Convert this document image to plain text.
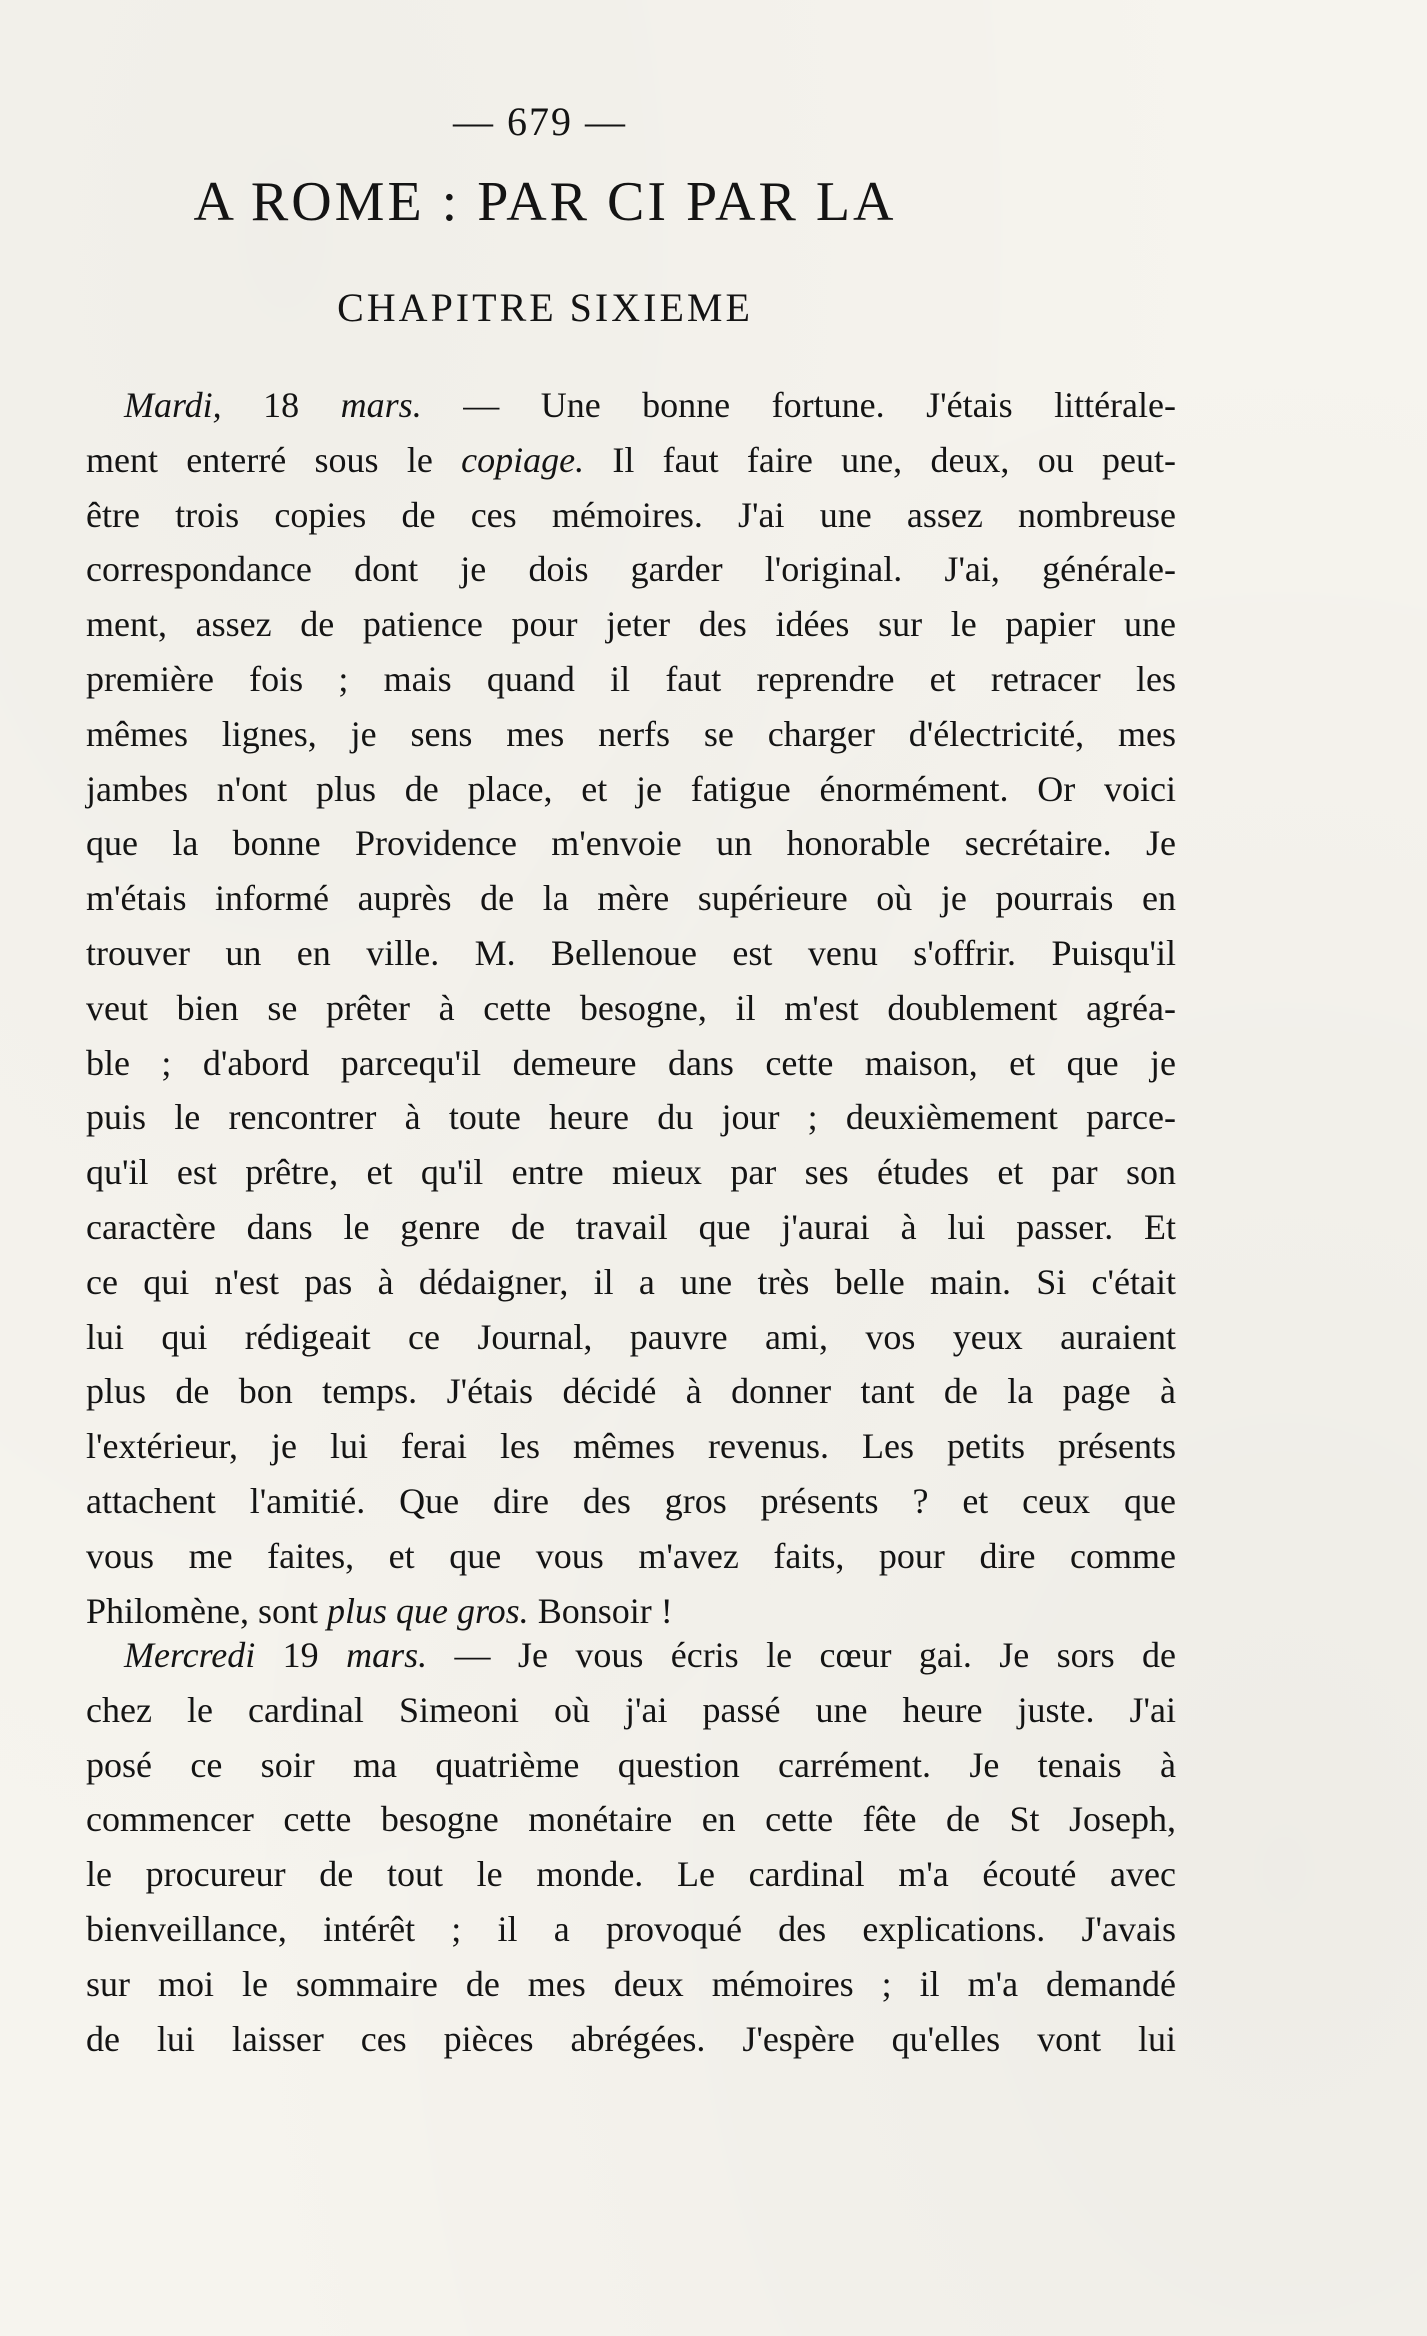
— 679 —
A ROME : PAR CI PAR LA
CHAPITRE SIXIEME
Mardi, 18 mars. — Une bonne fortune. J'étais littérale-
ment enterré sous le copiage. Il faut faire une, deux, ou peut-
être trois copies de ces mémoires. J'ai une assez nombreuse
correspondance dont je dois garder l'original. J'ai, générale-
ment, assez de patience pour jeter des idées sur le papier une
première fois ; mais quand il faut reprendre et retracer les
mêmes lignes, je sens mes nerfs se charger d'électricité, mes
jambes n'ont plus de place, et je fatigue énormément. Or voici
que la bonne Providence m'envoie un honorable secrétaire. Je
m'étais informé auprès de la mère supérieure où je pourrais en
trouver un en ville. M. Bellenoue est venu s'offrir. Puisqu'il
veut bien se prêter à cette besogne, il m'est doublement agréa-
ble ; d'abord parcequ'il demeure dans cette maison, et que je
puis le rencontrer à toute heure du jour ; deuxièmement parce-
qu'il est prêtre, et qu'il entre mieux par ses études et par son
caractère dans le genre de travail que j'aurai à lui passer. Et
ce qui n'est pas à dédaigner, il a une très belle main. Si c'était
lui qui rédigeait ce Journal, pauvre ami, vos yeux auraient
plus de bon temps. J'étais décidé à donner tant de la page à
l'extérieur, je lui ferai les mêmes revenus. Les petits présents
attachent l'amitié. Que dire des gros présents ? et ceux que
vous me faites, et que vous m'avez faits, pour dire comme
Philomène, sont plus que gros. Bonsoir !
Mercredi 19 mars. — Je vous écris le cœur gai. Je sors de
chez le cardinal Simeoni où j'ai passé une heure juste. J'ai
posé ce soir ma quatrième question carrément. Je tenais à
commencer cette besogne monétaire en cette fête de St Joseph,
le procureur de tout le monde. Le cardinal m'a écouté avec
bienveillance, intérêt ; il a provoqué des explications. J'avais
sur moi le sommaire de mes deux mémoires ; il m'a demandé
de lui laisser ces pièces abrégées. J'espère qu'elles vont lui
